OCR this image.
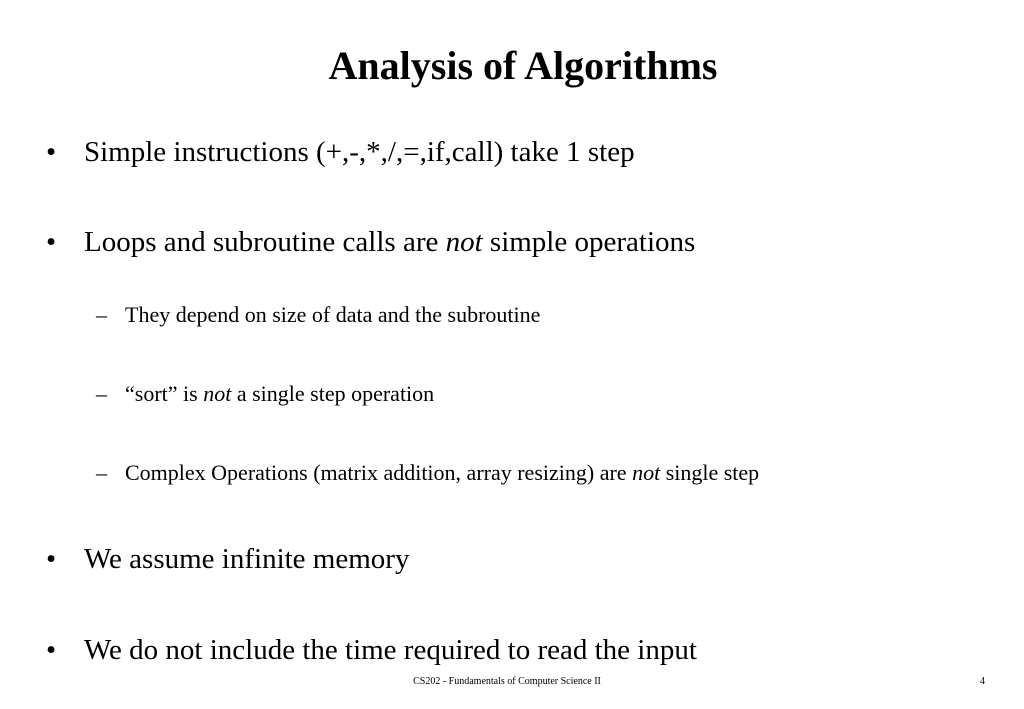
Analysis of Algorithms
• Simple instructions (+,-,*,/,=,if,call) take 1 step
• Loops and subroutine calls are not simple operations
– They depend on size of data and the subroutine
– “sort” is not a single step operation
– Complex Operations (matrix addition, array resizing) are not single step
• We assume infinite memory
• We do not include the time required to read the input
CS202 - Fundamentals of Computer Science II	4
